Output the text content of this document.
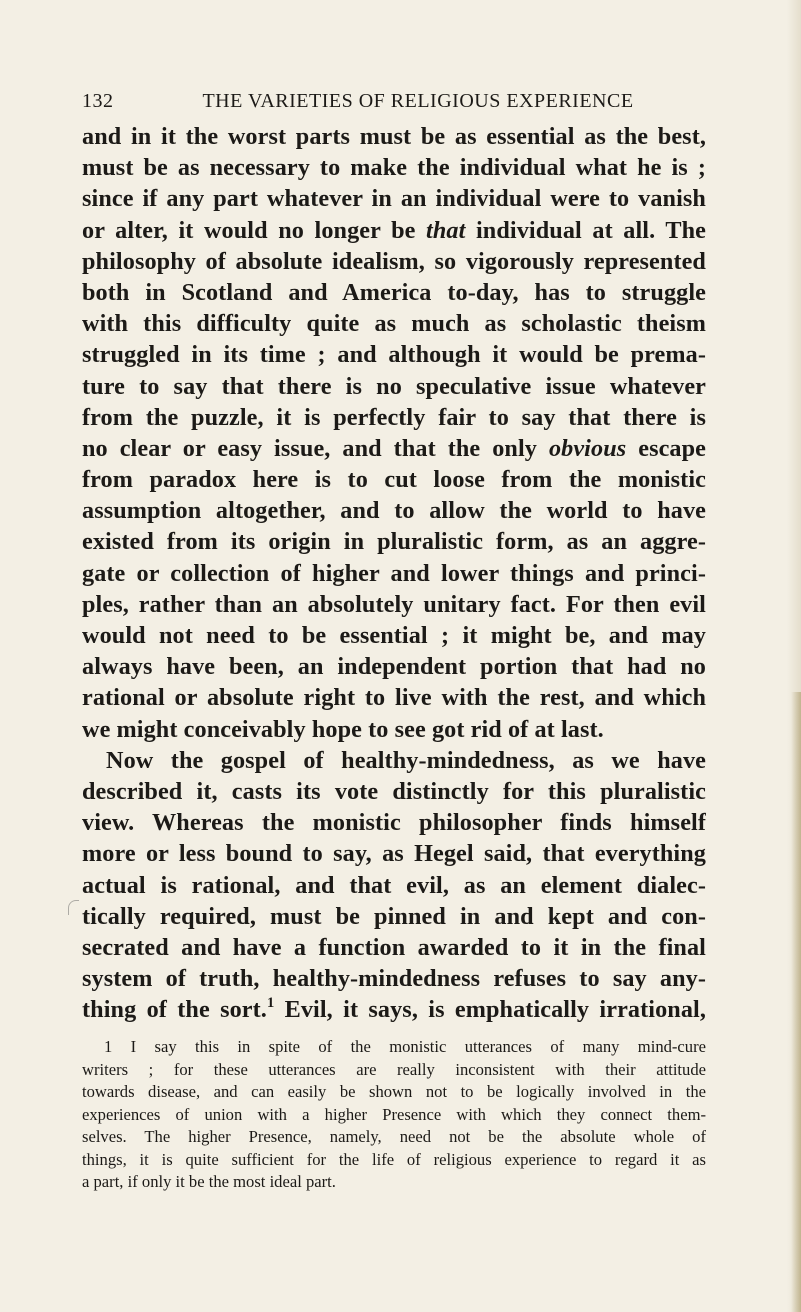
132	THE VARIETIES OF RELIGIOUS EXPERIENCE
and in it the worst parts must be as essential as the best,
must be as necessary to make the individual what he is ;
since if any part whatever in an individual were to vanish
or alter, it would no longer be that individual at all. The
philosophy of absolute idealism, so vigorously represented
both in Scotland and America to-day, has to struggle
with this difficulty quite as much as scholastic theism
struggled in its time ; and although it would be prema-
ture to say that there is no speculative issue whatever
from the puzzle, it is perfectly fair to say that there is
no clear or easy issue, and that the only obvious escape
from paradox here is to cut loose from the monistic
assumption altogether, and to allow the world to have
existed from its origin in pluralistic form, as an aggre-
gate or collection of higher and lower things and princi-
ples, rather than an absolutely unitary fact. For then evil
would not need to be essential ; it might be, and may
always have been, an independent portion that had no
rational or absolute right to live with the rest, and which
we might conceivably hope to see got rid of at last.
Now the gospel of healthy-mindedness, as we have
described it, casts its vote distinctly for this pluralistic
view. Whereas the monistic philosopher finds himself
more or less bound to say, as Hegel said, that everything
actual is rational, and that evil, as an element dialec-
tically required, must be pinned in and kept and con-
secrated and have a function awarded to it in the final
system of truth, healthy-mindedness refuses to say any-
thing of the sort.$^1$ Evil, it says, is emphatically irrational,
1 I say this in spite of the monistic utterances of many mind-cure
writers ; for these utterances are really inconsistent with their attitude
towards disease, and can easily be shown not to be logically involved in the
experiences of union with a higher Presence with which they connect them-
selves. The higher Presence, namely, need not be the absolute whole of
things, it is quite sufficient for the life of religious experience to regard it as
a part, if only it be the most ideal part.
